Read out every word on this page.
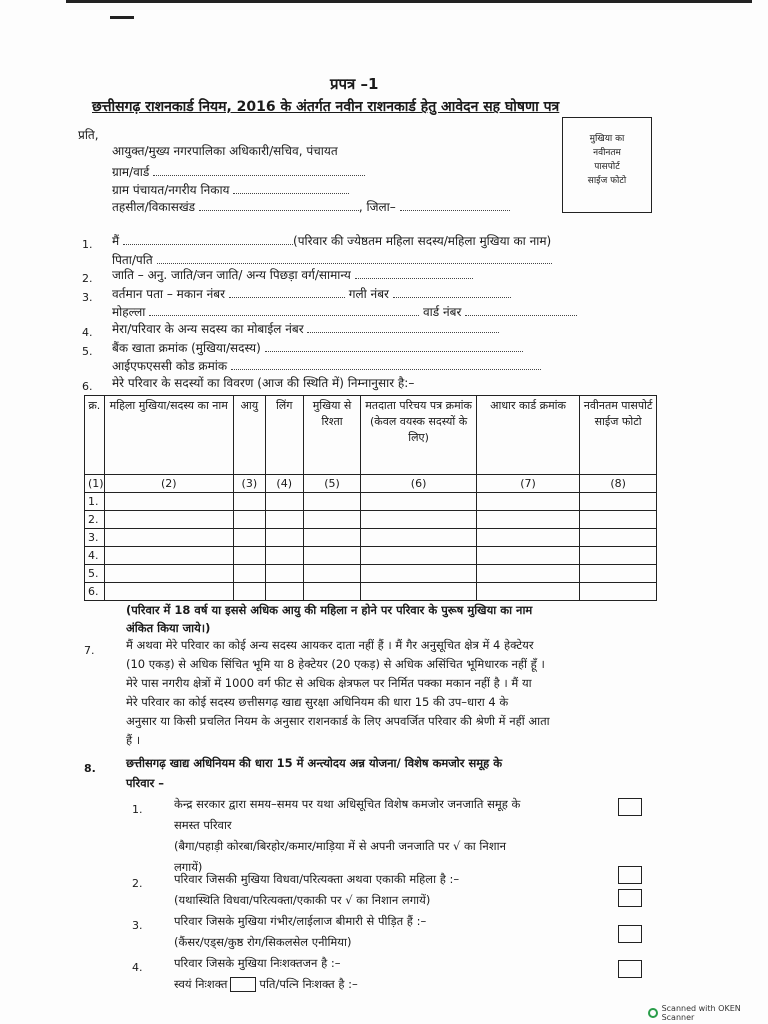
प्रपत्र –1
छत्तीसगढ़ राशनकार्ड नियम, 2016 के अंतर्गत नवीन राशनकार्ड हेतु आवेदन सह घोषणा पत्र
मुखिया का
नवीनतम
पासपोर्ट
साईज फोटो
प्रति,
आयुक्त/मुख्य नगरपालिका अधिकारी/सचिव, पंचायत
ग्राम/वार्ड
ग्राम पंचायत/नगरीय निकाय
तहसील/विकासखंड	, जिला–
1. मैं	(परिवार की ज्येष्ठतम महिला सदस्य/महिला मुखिया का नाम)
पिता/पति
2. जाति – अनु. जाति/जन जाति/ अन्य पिछड़ा वर्ग/सामान्य
3. वर्तमान पता – मकान नंबर	गली नंबर
मोहल्ला	वार्ड नंबर
4. मेरा/परिवार के अन्य सदस्य का मोबाईल नंबर
5. बैंक खाता क्रमांक (मुखिया/सदस्य)
आईएफएससी कोड क्रमांक
6. मेरे परिवार के सदस्यों का विवरण (आज की स्थिति में) निम्नानुसार है:–
क्र.	महिला मुखिया/सदस्य का नाम	आयु	लिंग	मुखिया से रिश्ता	मतदाता परिचय पत्र क्रमांक (केवल वयस्क सदस्यों के लिए)	आधार कार्ड क्रमांक	नवीनतम पासपोर्ट साईज फोटो
(1)	(2)	(3)	(4)	(5)	(6)	(7)	(8)
1.							
2.							
3.							
4.							
5.							
6.							
(परिवार में 18 वर्ष या इससे अधिक आयु की महिला न होने पर परिवार के पुरूष मुखिया का नाम
अंकित किया जाये।)
7.	मैं अथवा मेरे परिवार का कोई अन्य सदस्य आयकर दाता नहीं हैं । मैं गैर अनुसूचित क्षेत्र में 4 हेक्टेयर
(10 एकड़) से अधिक सिंचित भूमि या 8 हेक्टेयर (20 एकड़) से अधिक असिंचित भूमिधारक नहीं हूँ ।
मेरे पास नगरीय क्षेत्रों में 1000 वर्ग फीट से अधिक क्षेत्रफल पर निर्मित पक्का मकान नहीं है । मैं या
मेरे परिवार का कोई सदस्य छत्तीसगढ़ खाद्य सुरक्षा अधिनियम की धारा 15 की उप–धारा 4 के
अनुसार या किसी प्रचलित नियम के अनुसार राशनकार्ड के लिए अपवर्जित परिवार की श्रेणी में नहीं आता
हैं ।
8.	छत्तीसगढ़ खाद्य अधिनियम की धारा 15 में अन्त्योदय अन्न योजना/ विशेष कमजोर समूह के
परिवार –
1.	केन्द्र सरकार द्वारा समय–समय पर यथा अधिसूचित विशेष कमजोर जनजाति समूह के
समस्त परिवार
(बैगा/पहाड़ी कोरबा/बिरहोर/कमार/माड़िया में से अपनी जनजाति पर √ का निशान
लगायें)
2.	परिवार जिसकी मुखिया विधवा/परित्यक्ता अथवा एकाकी महिला है :–
(यथास्थिति विधवा/परित्यक्ता/एकाकी पर √ का निशान लगायें)
3.	परिवार जिसके मुखिया गंभीर/लाईलाज बीमारी से पीड़ित हैं :–
(कैंसर/एड्स/कुष्ठ रोग/सिकलसेल एनीमिया)
4.	परिवार जिसके मुखिया निःशक्तजन है :–
स्वयं निःशक्त	पति/पत्नि निःशक्त है :–
Scanned with OKEN Scanner
